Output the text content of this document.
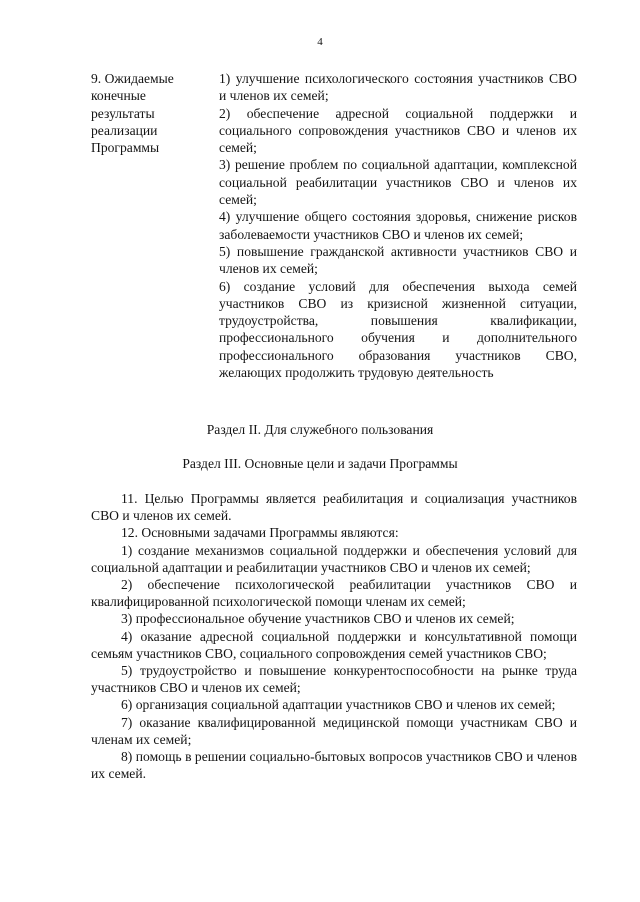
4
9. Ожидаемые конечные результаты реализации Программы
1) улучшение психологического состояния участников СВО и членов их семей;
2) обеспечение адресной социальной поддержки и социального сопровождения участников СВО и членов их семей;
3) решение проблем по социальной адаптации, комплексной социальной реабилитации участников СВО и членов их семей;
4) улучшение общего состояния здоровья, снижение рисков заболеваемости участников СВО и членов их семей;
5) повышение гражданской активности участников СВО и членов их семей;
6) создание условий для обеспечения выхода семей участников СВО из кризисной жизненной ситуации, трудоустройства, повышения квалификации, профессионального обучения и дополнительного профессионального образования участников СВО, желающих продолжить трудовую деятельность
Раздел II. Для служебного пользования
Раздел III. Основные цели и задачи Программы
11. Целью Программы является реабилитация и социализация участников СВО и членов их семей.
12. Основными задачами Программы являются:
1) создание механизмов социальной поддержки и обеспечения условий для социальной адаптации и реабилитации участников СВО и членов их семей;
2) обеспечение психологической реабилитации участников СВО и квалифицированной психологической помощи членам их семей;
3) профессиональное обучение участников СВО и членов их семей;
4) оказание адресной социальной поддержки и консультативной помощи семьям участников СВО, социального сопровождения семей участников СВО;
5) трудоустройство и повышение конкурентоспособности на рынке труда участников СВО и членов их семей;
6) организация социальной адаптации участников СВО и членов их семей;
7) оказание квалифицированной медицинской помощи участникам СВО и членам их семей;
8) помощь в решении социально-бытовых вопросов участников СВО и членов их семей.
